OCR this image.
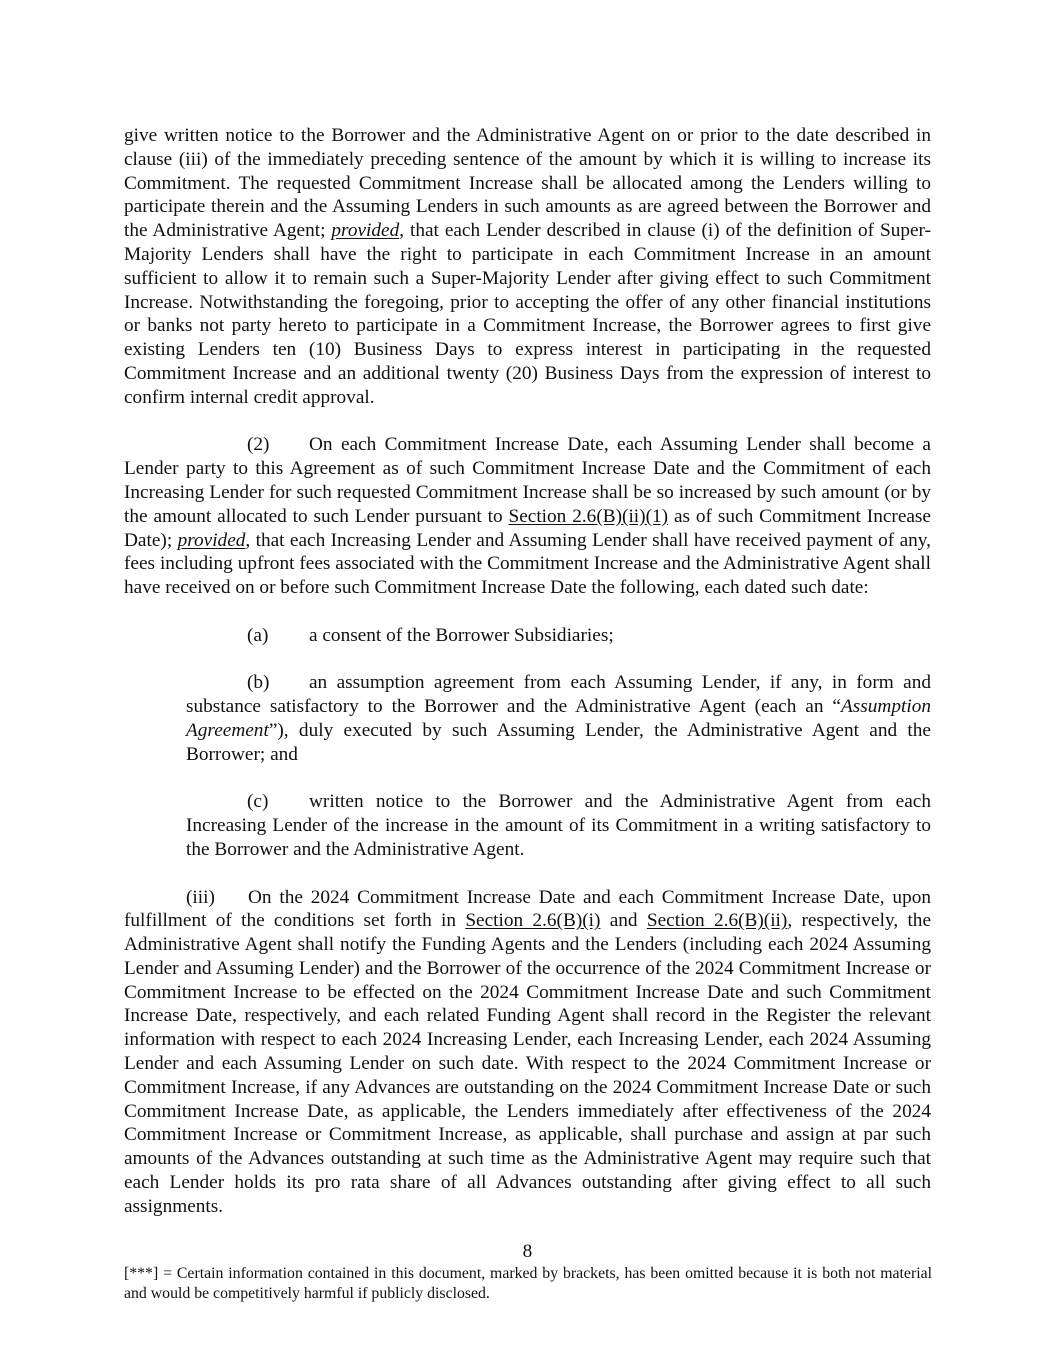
give written notice to the Borrower and the Administrative Agent on or prior to the date described in clause (iii) of the immediately preceding sentence of the amount by which it is willing to increase its Commitment. The requested Commitment Increase shall be allocated among the Lenders willing to participate therein and the Assuming Lenders in such amounts as are agreed between the Borrower and the Administrative Agent; provided, that each Lender described in clause (i) of the definition of Super-Majority Lenders shall have the right to participate in each Commitment Increase in an amount sufficient to allow it to remain such a Super-Majority Lender after giving effect to such Commitment Increase. Notwithstanding the foregoing, prior to accepting the offer of any other financial institutions or banks not party hereto to participate in a Commitment Increase, the Borrower agrees to first give existing Lenders ten (10) Business Days to express interest in participating in the requested Commitment Increase and an additional twenty (20) Business Days from the expression of interest to confirm internal credit approval.

(2) On each Commitment Increase Date, each Assuming Lender shall become a Lender party to this Agreement as of such Commitment Increase Date and the Commitment of each Increasing Lender for such requested Commitment Increase shall be so increased by such amount (or by the amount allocated to such Lender pursuant to Section 2.6(B)(ii)(1) as of such Commitment Increase Date); provided, that each Increasing Lender and Assuming Lender shall have received payment of any, fees including upfront fees associated with the Commitment Increase and the Administrative Agent shall have received on or before such Commitment Increase Date the following, each dated such date:

(a) a consent of the Borrower Subsidiaries;

(b) an assumption agreement from each Assuming Lender, if any, in form and substance satisfactory to the Borrower and the Administrative Agent (each an “Assumption Agreement”), duly executed by such Assuming Lender, the Administrative Agent and the Borrower; and

(c) written notice to the Borrower and the Administrative Agent from each Increasing Lender of the increase in the amount of its Commitment in a writing satisfactory to the Borrower and the Administrative Agent.

(iii) On the 2024 Commitment Increase Date and each Commitment Increase Date, upon fulfillment of the conditions set forth in Section 2.6(B)(i) and Section 2.6(B)(ii), respectively, the Administrative Agent shall notify the Funding Agents and the Lenders (including each 2024 Assuming Lender and Assuming Lender) and the Borrower of the occurrence of the 2024 Commitment Increase or Commitment Increase to be effected on the 2024 Commitment Increase Date and such Commitment Increase Date, respectively, and each related Funding Agent shall record in the Register the relevant information with respect to each 2024 Increasing Lender, each Increasing Lender, each 2024 Assuming Lender and each Assuming Lender on such date. With respect to the 2024 Commitment Increase or Commitment Increase, if any Advances are outstanding on the 2024 Commitment Increase Date or such Commitment Increase Date, as applicable, the Lenders immediately after effectiveness of the 2024 Commitment Increase or Commitment Increase, as applicable, shall purchase and assign at par such amounts of the Advances outstanding at such time as the Administrative Agent may require such that each Lender holds its pro rata share of all Advances outstanding after giving effect to all such assignments.

8
[***] = Certain information contained in this document, marked by brackets, has been omitted because it is both not material and would be competitively harmful if publicly disclosed.
